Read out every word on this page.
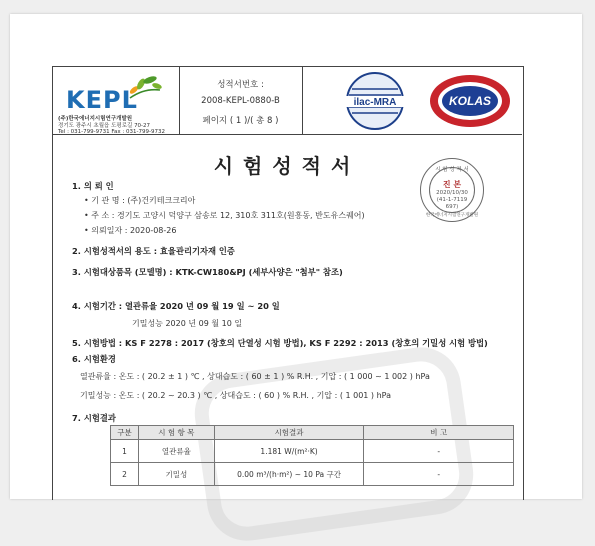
KEPL
(주)한국에너지시험연구개발원
경기도 광주시 초월읍 도평로길 70-27
Tel : 031-799-9731 Fax : 031-799-9732
성적서번호 :
2008-KEPL-0880-B
페이지 ( 1 )/( 총 8 )
ilac-MRA	KOLAS
시험성적서	시 험 성 적 서
진 본
2020/10/30
(41-1-7119
697)
한국에너지시험연구개발원
1. 의 뢰 인
• 기 관 명 : (주)건키테크크리아
• 주 소 : 경기도 고양시 덕양구 삼송로 12, 310호 311호(원흥동, 반도유스퀘어)
• 의뢰일자 : 2020-08-26
2. 시험성적서의 용도 : 효율관리기자재 인증
3. 시험대상품목 (모델명) : KTK-CW180&PJ (세부사양은 "첨부" 참조)
4. 시험기간 : 열관류율 2020 년 09 월 19 일 ~ 20 일
기밀성능 2020 년 09 월 10 일
5. 시험방법 : KS F 2278 : 2017 (창호의 단열성 시험 방법), KS F 2292 : 2013 (창호의 기밀성 시험 방법)
6. 시험환경
열관류율 : 온도 : ( 20.2 ± 1 ) ℃ , 상대습도 : ( 60 ± 1 ) % R.H. , 기압 : ( 1 000 ~ 1 002 ) hPa
기밀성능 : 온도 : ( 20.2 ~ 20.3 ) ℃ , 상대습도 : ( 60 ) % R.H. , 기압 : ( 1 001 ) hPa
7. 시험결과
구분	시 험 항 목	시험결과	비 고
1	열관류율	1.181 W/(m²·K)	-
2	기밀성	0.00 m³/(h·m²) ~ 10 Pa 구간	-
